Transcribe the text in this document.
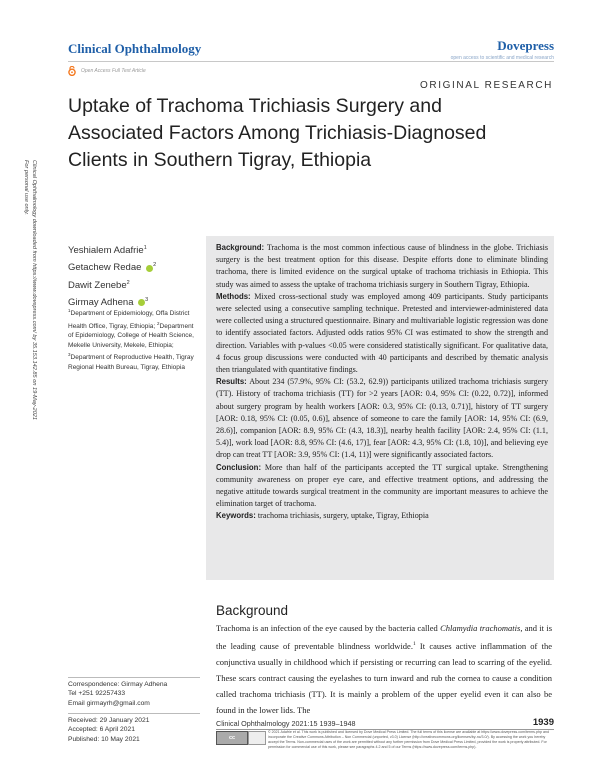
Clinical Ophthalmology	Dovepress
open access to scientific and medical research
Open Access Full Text Article
ORIGINAL RESEARCH
Uptake of Trachoma Trichiasis Surgery and
Associated Factors Among Trichiasis-Diagnosed
Clients in Southern Tigray, Ethiopia
Clinical Ophthalmology downloaded from https://www.dovepress.com/ by 35.153.142.85 on 19-May-2021
For personal use only.
Yeshialem Adafrie$^1$
Getachew Redae $^2$
Dawit Zenebe$^2$
Girmay Adhena $^3$
$^1$Department of Epidemiology, Offa District Health Office, Tigray, Ethiopia; $^2$Department of Epidemiology, College of Health Science, Mekelle University, Mekele, Ethiopia; $^3$Department of Reproductive Health, Tigray Regional Health Bureau, Tigray, Ethiopia

Background: Trachoma is the most common infectious cause of blindness in the globe. Trichiasis surgery is the best treatment option for this disease. Despite efforts done to eliminate blinding trachoma, there is limited evidence on the surgical uptake of trachoma trichiasis in Ethiopia. This study was aimed to assess the uptake of trachoma trichiasis surgery in Southern Tigray, Ethiopia.

Methods: Mixed cross-sectional study was employed among 409 participants. Study participants were selected using a consecutive sampling technique. Pretested and interviewer-administered data were collected using a structured questionnaire. Binary and multivariable logistic regression was done to identify associated factors. Adjusted odds ratios 95% CI was estimated to show the strength and direction. Variables with p-values <0.05 were considered statistically significant. For qualitative data, 4 focus group discussions were conducted with 40 participants and described by thematic analysis then triangulated with quantitative findings.

Results: About 234 (57.9%, 95% CI: (53.2, 62.9)) participants utilized trachoma trichiasis surgery (TT). History of trachoma trichiasis (TT) for >2 years [AOR: 0.4, 95% CI: (0.22, 0.72)], informed about surgery program by health workers [AOR: 0.3, 95% CI: (0.13, 0.71)], history of TT surgery [AOR: 0.18, 95% CI: (0.05, 0.6)], absence of someone to care the family [AOR: 14, 95% CI: (6.9, 28.6)], companion [AOR: 8.9, 95% CI: (4.3, 18.3)], nearby health facility [AOR: 2.4, 95% CI: (1.1, 5.4)], work load [AOR: 8.8, 95% CI: (4.6, 17)], fear [AOR: 4.3, 95% CI: (1.8, 10)], and believing eye drop can treat TT [AOR: 3.9, 95% CI: (1.4, 11)] were significantly associated factors.

Conclusion: More than half of the participants accepted the TT surgical uptake. Strengthening community awareness on proper eye care, and effective treatment options, and addressing the negative attitude towards surgical treatment in the community are important measures to achieve the elimination target of trachoma.

Keywords: trachoma trichiasis, surgery, uptake, Tigray, Ethiopia

Background
Trachoma is an infection of the eye caused by the bacteria called Chlamydia trachomatis, and it is the leading cause of preventable blindness worldwide.$^1$ It causes active inflammation of the conjunctiva usually in childhood which if persisting or recurring can lead to scarring of the eyelid. These scars contract causing the eyelashes to turn inward and rub the cornea to cause a condition called trachoma trichiasis (TT). It is mainly a problem of the upper eyelid even it can also be found in the lower lids. The
Correspondence: Girmay Adhena
Tel +251 92257433
Email girmayrh@gmail.com
Received: 29 January 2021
Accepted: 6 April 2021
Published: 10 May 2021
Clinical Ophthalmology 2021:15 1939–1948	1939
cc
© 2021 Adafrie et al. This work is published and licensed by Dove Medical Press Limited. The full terms of this license are available at https://www.dovepress.com/terms.php and incorporate the Creative Commons Attribution – Non Commercial (unported, v3.0) License (http://creativecommons.org/licenses/by-nc/3.0/). By accessing the work you hereby accept the Terms. Non-commercial uses of the work are permitted without any further permission from Dove Medical Press Limited, provided the work is properly attributed. For permission for commercial use of this work, please see paragraphs 4.2 and 5 of our Terms (https://www.dovepress.com/terms.php).
